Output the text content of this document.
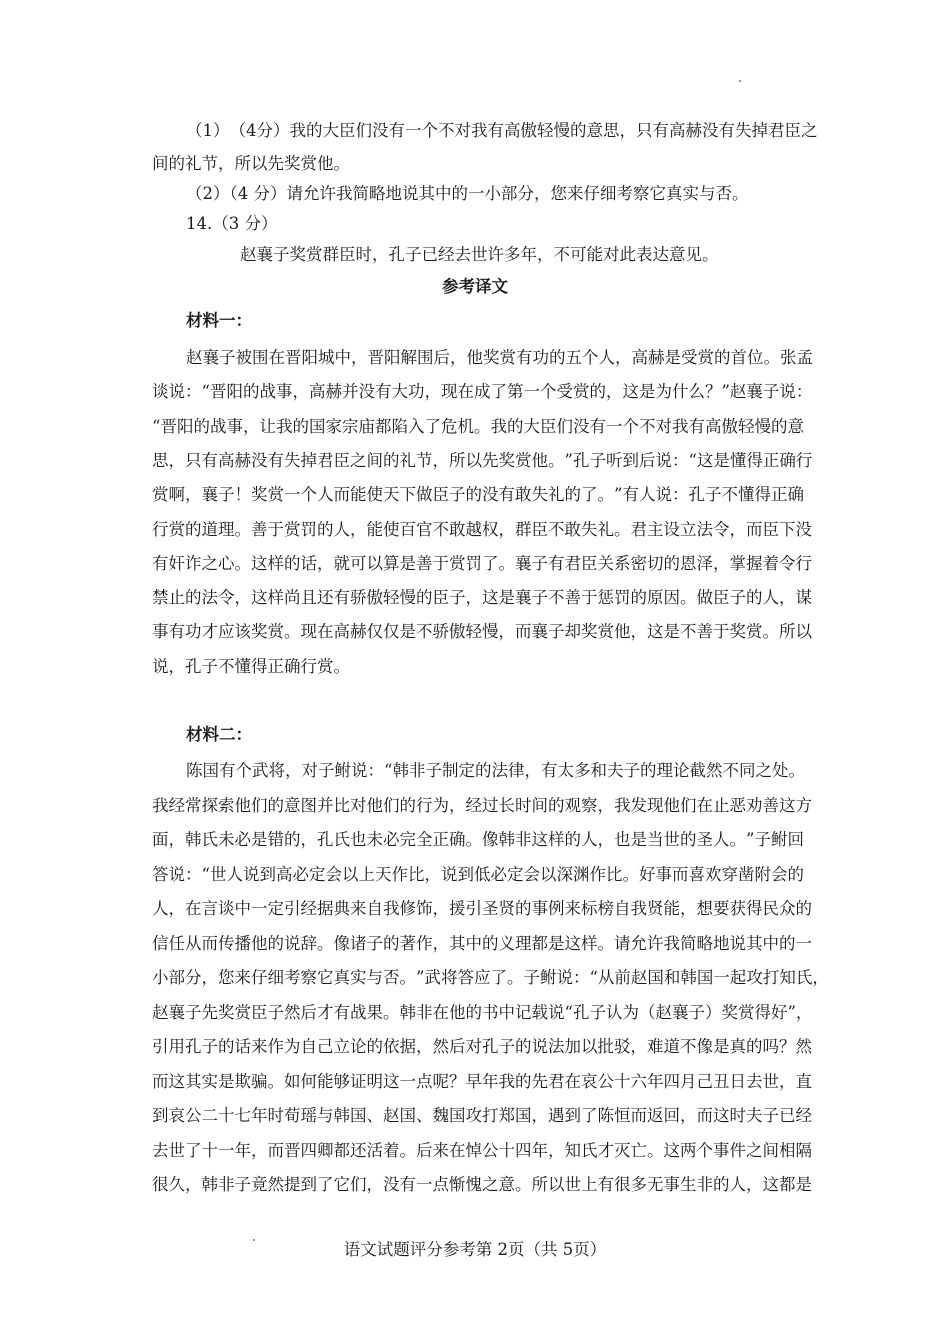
（ 1 ） （ 4 分 ） 我 的 大 臣 们 没 有 一 个 不 对 我 有 高 傲 轻 慢 的 意 思 ， 只 有 高 赫 没 有 失 掉 君 臣 之
间的礼节，所以先奖赏他。
（2）（4 分）请允许我简略地说其中的一小部分，您来仔细考察它真实与否。
14.（3 分）
赵襄子奖赏群臣时，孔子已经去世许多年，不可能对此表达意见。
参考译文
材料一：
赵 襄 子 被 围 在 晋 阳 城 中 ， 晋 阳 解 围 后 ， 他 奖 赏 有 功 的 五 个 人 ， 高 赫 是 受 赏 的 首 位 。 张 孟
谈 说 ： “ 晋 阳 的 战 事 ， 高 赫 并 没 有 大 功 ， 现 在 成 了 第 一 个 受 赏 的 ， 这 是 为 什 么 ？ ” 赵 襄 子 说 ：
“ 晋 阳 的 战 事 ， 让 我 的 国 家 宗 庙 都 陷 入 了 危 机 。 我 的 大 臣 们 没 有 一 个 不 对 我 有 高 傲 轻 慢 的 意
思 ， 只 有 高 赫 没 有 失 掉 君 臣 之 间 的 礼 节 ， 所 以 先 奖 赏 他 。 ” 孔 子 听 到 后 说 ： “ 这 是 懂 得 正 确 行
赏 啊 ， 襄 子 ！ 奖 赏 一 个 人 而 能 使 天 下 做 臣 子 的 没 有 敢 失 礼 的 了 。 ” 有 人 说 ： 孔 子 不 懂 得 正 确
行 赏 的 道 理 。 善 于 赏 罚 的 人 ， 能 使 百 官 不 敢 越 权 ， 群 臣 不 敢 失 礼 。 君 主 设 立 法 令 ， 而 臣 下 没
有 奸 诈 之 心 。 这 样 的 话 ， 就 可 以 算 是 善 于 赏 罚 了 。 襄 子 有 君 臣 关 系 密 切 的 恩 泽 ， 掌 握 着 令 行
禁 止 的 法 令 ， 这 样 尚 且 还 有 骄 傲 轻 慢 的 臣 子 ， 这 是 襄 子 不 善 于 惩 罚 的 原 因 。 做 臣 子 的 人 ， 谋
事 有 功 才 应 该 奖 赏 。 现 在 高 赫 仅 仅 是 不 骄 傲 轻 慢 ， 而 襄 子 却 奖 赏 他 ， 这 是 不 善 于 奖 赏 。 所 以
说，孔子不懂得正确行赏。
材料二：
陈 国 有 个 武 将 ， 对 子 鲋 说 ： “ 韩 非 子 制 定 的 法 律 ， 有 太 多 和 夫 子 的 理 论 截 然 不 同 之 处 。
我 经 常 探 索 他 们 的 意 图 并 比 对 他 们 的 行 为 ， 经 过 长 时 间 的 观 察 ， 我 发 现 他 们 在 止 恶 劝 善 这 方
面 ， 韩 氏 未 必 是 错 的 ， 孔 氏 也 未 必 完 全 正 确 。 像 韩 非 这 样 的 人 ， 也 是 当 世 的 圣 人 。 ” 子 鲋 回
答 说 ： “ 世 人 说 到 高 必 定 会 以 上 天 作 比 ， 说 到 低 必 定 会 以 深 渊 作 比 。 好 事 而 喜 欢 穿 凿 附 会 的
人 ， 在 言 谈 中 一 定 引 经 据 典 来 自 我 修 饰 ， 援 引 圣 贤 的 事 例 来 标 榜 自 我 贤 能 ， 想 要 获 得 民 众 的
信 任 从 而 传 播 他 的 说 辞 。 像 诸 子 的 著 作 ， 其 中 的 义 理 都 是 这 样 。 请 允 许 我 简 略 地 说 其 中 的 一
小 部 分 ， 您 来 仔 细 考 察 它 真 实 与 否 。 ” 武 将 答 应 了 。 子 鲋 说 ： “ 从 前 赵 国 和 韩 国 一 起 攻 打 知 氏 ，
赵 襄 子 先 奖 赏 臣 子 然 后 才 有 战 果 。 韩 非 在 他 的 书 中 记 载 说 “ 孔 子 认 为 （ 赵 襄 子 ） 奖 赏 得 好 ” ，
引 用 孔 子 的 话 来 作 为 自 己 立 论 的 依 据 ， 然 后 对 孔 子 的 说 法 加 以 批 驳 ， 难 道 不 像 是 真 的 吗 ？ 然
而 这 其 实 是 欺 骗 。 如 何 能 够 证 明 这 一 点 呢 ？ 早 年 我 的 先 君 在 哀 公 十 六 年 四 月 己 丑 日 去 世 ， 直
到 哀 公 二 十 七 年 时 荀 瑶 与 韩 国 、 赵 国 、 魏 国 攻 打 郑 国 ， 遇 到 了 陈 恒 而 返 回 ， 而 这 时 夫 子 已 经
去 世 了 十 一 年 ， 而 晋 四 卿 都 还 活 着 。 后 来 在 悼 公 十 四 年 ， 知 氏 才 灭 亡 。 这 两 个 事 件 之 间 相 隔
很久，韩非子竟然提到了它们，没有一点惭愧之意。所以世上有很多无事生非的人，这都是
语文试题评分参考第 2页（共 5页）
